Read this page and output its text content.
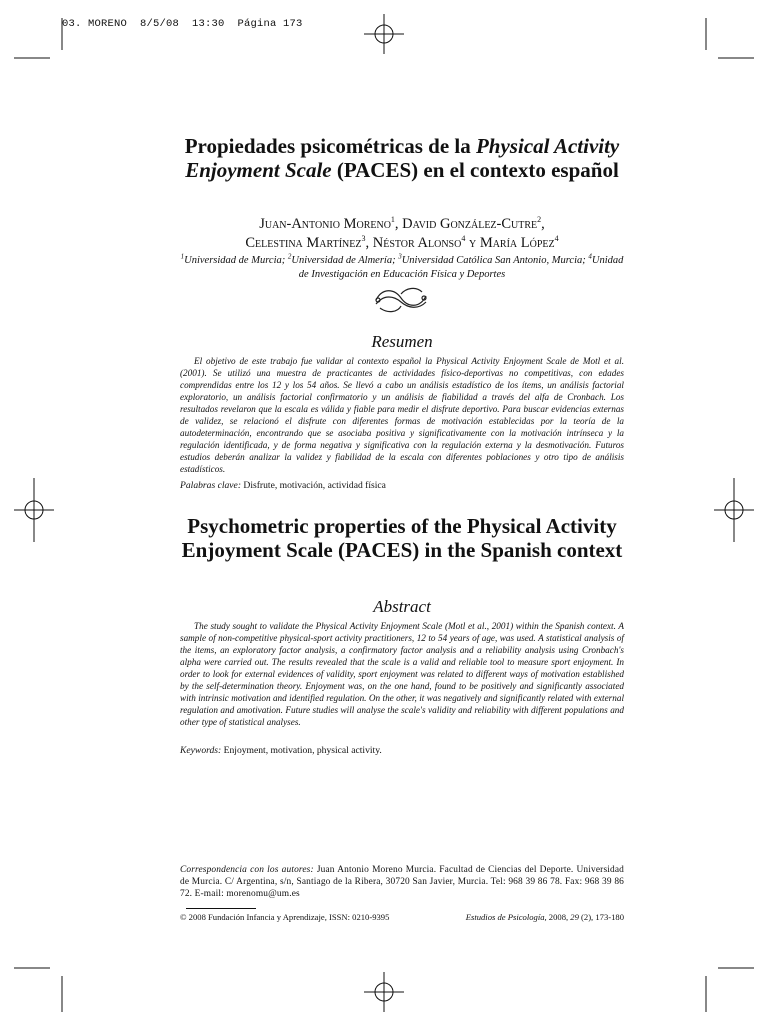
03. MORENO  8/5/08  13:30  Página 173
Propiedades psicométricas de la Physical Activity Enjoyment Scale (PACES) en el contexto español
Juan-Antonio Moreno$^1$, David González-Cutre$^2$,
Celestina Martínez$^3$, Néstor Alonso$^4$ y María López$^4$
$^1$Universidad de Murcia; $^2$Universidad de Almería; $^3$Universidad Católica San Antonio, Murcia; $^4$Unidad de Investigación en Educación Física y Deportes
Resumen
El objetivo de este trabajo fue validar al contexto español la Physical Activity Enjoyment Scale de Motl et al. (2001). Se utilizó una muestra de practicantes de actividades físico-deportivas no competitivas, con edades comprendidas entre los 12 y los 54 años. Se llevó a cabo un análisis estadístico de los ítems, un análisis factorial exploratorio, un análisis factorial confirmatorio y un análisis de fiabilidad a través del alfa de Cronbach. Los resultados revelaron que la escala es válida y fiable para medir el disfrute deportivo. Para buscar evidencias externas de validez, se relacionó el disfrute con diferentes formas de motivación establecidas por la teoría de la autodeterminación, encontrando que se asociaba positiva y significativamente con la motivación intrínseca y la regulación identificada, y de forma negativa y significativa con la regulación externa y la desmotivación. Futuros estudios deberán analizar la validez y fiabilidad de la escala con diferentes poblaciones y otro tipo de análisis estadísticos.
Palabras clave: Disfrute, motivación, actividad física
Psychometric properties of the Physical Activity Enjoyment Scale (PACES) in the Spanish context
Abstract
The study sought to validate the Physical Activity Enjoyment Scale (Motl et al., 2001) within the Spanish context. A sample of non-competitive physical-sport activity practitioners, 12 to 54 years of age, was used. A statistical analysis of the items, an exploratory factor analysis, a confirmatory factor analysis and a reliability analysis using Cronbach's alpha were carried out. The results revealed that the scale is a valid and reliable tool to measure sport enjoyment. In order to look for external evidences of validity, sport enjoyment was related to different ways of motivation established by the self-determination theory. Enjoyment was, on the one hand, found to be positively and significantly associated with intrinsic motivation and identified regulation. On the other, it was negatively and significantly related with external regulation and amotivation. Future studies will analyse the scale's validity and reliability with different populations and other type of statistical analyses.
Keywords: Enjoyment, motivation, physical activity.
Correspondencia con los autores: Juan Antonio Moreno Murcia. Facultad de Ciencias del Deporte. Universidad de Murcia. C/ Argentina, s/n, Santiago de la Ribera, 30720 San Javier, Murcia. Tel: 968 39 86 78. Fax: 968 39 86 72. E-mail: morenomu@um.es
© 2008 Fundación Infancia y Aprendizaje, ISSN: 0210-9395	Estudios de Psicología, 2008, 29 (2), 173-180
